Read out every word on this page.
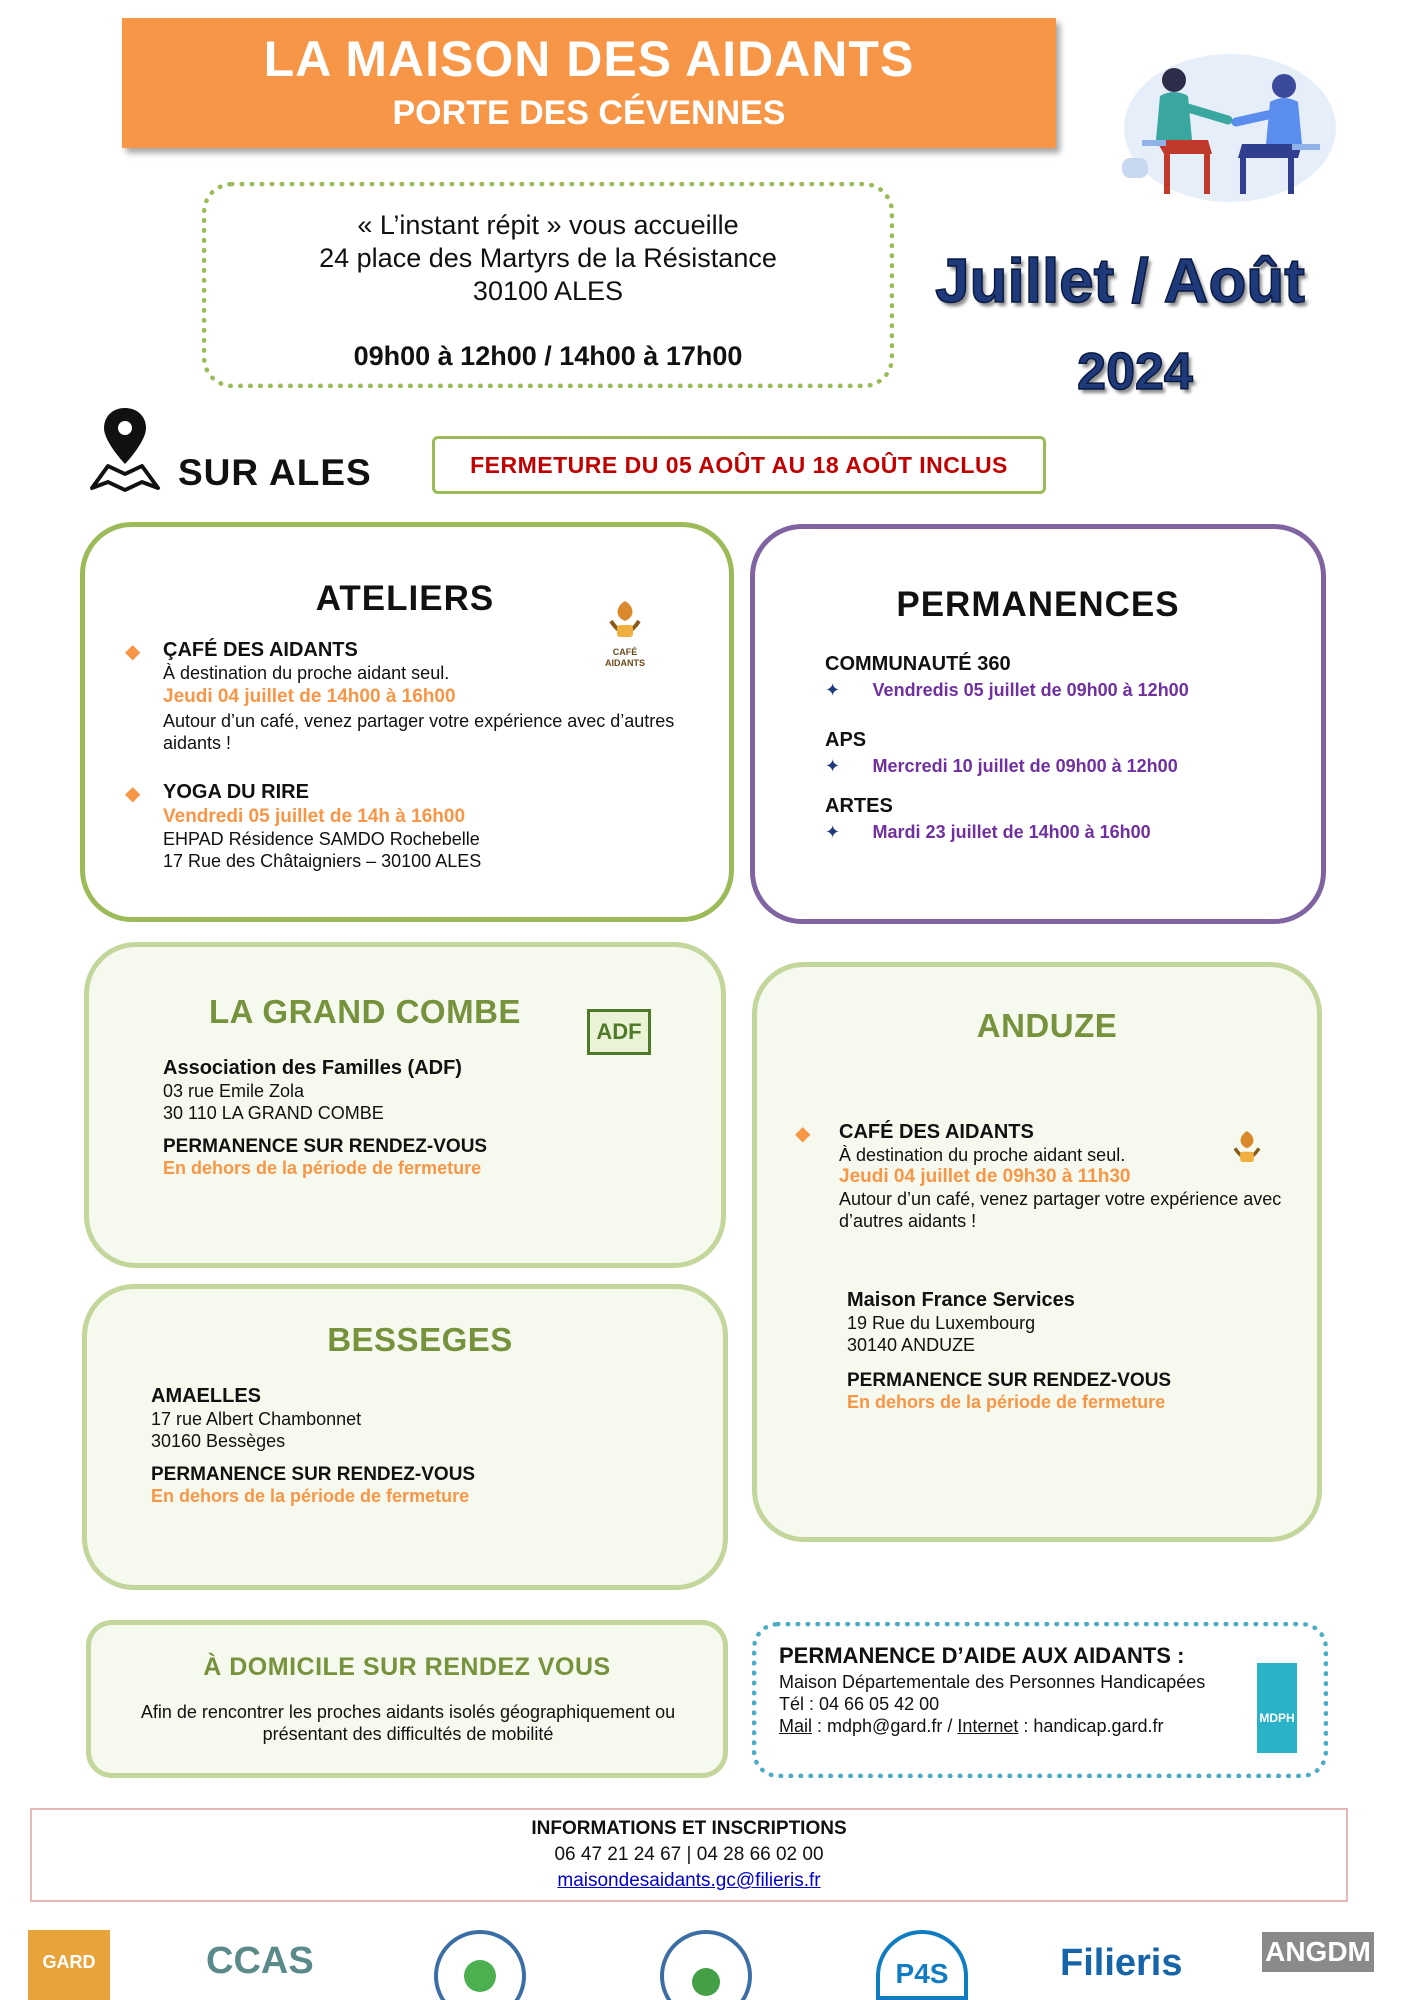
LA MAISON DES AIDANTS
PORTE DES CÉVENNES
« L’instant répit » vous accueille
24 place des Martyrs de la Résistance
30100 ALES
09h00 à 12h00 / 14h00 à 17h00
Juillet / Août
2024
SUR ALES	FERMETURE DU 05 AOÛT AU 18 AOÛT INCLUS
ATELIERS
CAFÉ
AIDANTS
◆ ÇAFÉ DES AIDANTS
À destination du proche aidant seul.
Jeudi 04 juillet de 14h00 à 16h00
Autour d’un café, venez partager votre expérience avec d’autres aidants !
◆ YOGA DU RIRE
Vendredi 05 juillet de 14h à 16h00
EHPAD Résidence SAMDO Rochebelle
17 Rue des Châtaigniers – 30100 ALES
PERMANENCES
COMMUNAUTÉ 360
✦ Vendredis 05 juillet de 09h00 à 12h00
APS
✦ Mercredi 10 juillet de 09h00 à 12h00
ARTES
✦ Mardi 23 juillet de 14h00 à 16h00
LA GRAND COMBE
ADF
Association des Familles (ADF)
03 rue Emile Zola
30 110 LA GRAND COMBE
PERMANENCE SUR RENDEZ-VOUS
En dehors de la période de fermeture
ANDUZE
◆ CAFÉ DES AIDANTS
À destination du proche aidant seul.
Jeudi 04 juillet de 09h30 à 11h30
Autour d’un café, venez partager votre expérience avec d’autres aidants !
Maison France Services
19 Rue du Luxembourg
30140 ANDUZE
PERMANENCE SUR RENDEZ-VOUS
En dehors de la période de fermeture
BESSEGES
AMAELLES
17 rue Albert Chambonnet
30160 Bessèges
PERMANENCE SUR RENDEZ-VOUS
En dehors de la période de fermeture
À DOMICILE SUR RENDEZ VOUS
Afin de rencontrer les proches aidants isolés géographiquement ou présentant des difficultés de mobilité
PERMANENCE D’AIDE AUX AIDANTS :
Maison Départementale des Personnes Handicapées
Tél : 04 66 05 42 00
Mail : mdph@gard.fr / Internet : handicap.gard.fr	MDPH
INFORMATIONS ET INSCRIPTIONS
06 47 21 24 67 | 04 28 66 02 00
maisondesaidants.gc@filieris.fr
GARD	CCAS	P4S	Filieris	ANGDM
